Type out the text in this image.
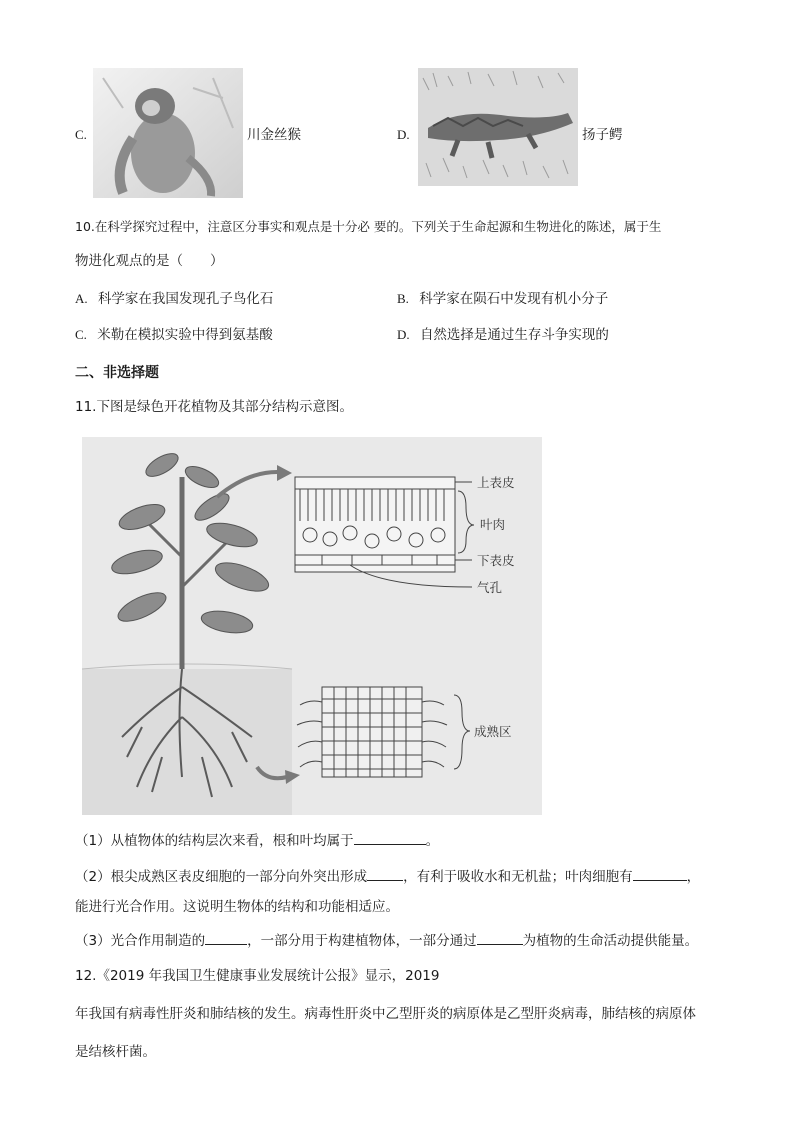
C.	川金丝猴	D.	扬子鳄
10.在科学探究过程中，注意区分事实和观点是十分必 要的。下列关于生命起源和生物进化的陈述，属于生
物进化观点的是（　　）
A. 科学家在我国发现孔子鸟化石	B. 科学家在陨石中发现有机小分子
C. 米勒在模拟实验中得到氨基酸	D. 自然选择是通过生存斗争实现的
二、非选择题
11.下图是绿色开花植物及其部分结构示意图。
上表皮
叶肉
下表皮
气孔
成熟区
（1）从植物体的结构层次来看，根和叶均属于	。
（2）根尖成熟区表皮细胞的一部分向外突出形成	，有利于吸收水和无机盐；叶肉细胞有	，
能进行光合作用。这说明生物体的结构和功能相适应。
（3）光合作用制造的	，一部分用于构建植物体，一部分通过	为植物的生命活动提供能量。
12.《2019 年我国卫生健康事业发展统计公报》显示，2019
年我国有病毒性肝炎和肺结核的发生。病毒性肝炎中乙型肝炎的病原体是乙型肝炎病毒，肺结核的病原体
是结核杆菌。
